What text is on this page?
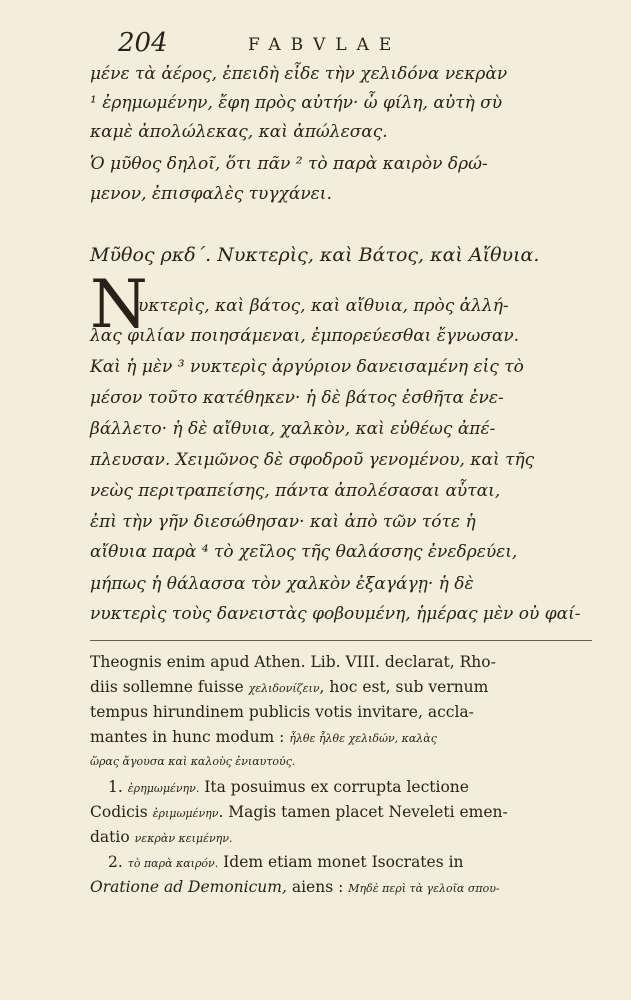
204	FABVLAE
μένε τὰ ἀέρος, ἐπειδὴ εἶδε τὴν χελιδόνα νεκρὰν
¹ ἐρημωμένην, ἔφη πρὸς αὐτήν· ὦ φίλη, αὐτὴ σὺ
καμὲ ἀπολώλεκας, καὶ ἀπώλεσας.
Ὁ μῦθος δηλοῖ, ὅτι πᾶν ² τὸ παρὰ καιρὸν δρώ-
μενον, ἐπισφαλὲς τυγχάνει.
Μῦθος ρκδ΄. Νυκτερὶς, καὶ Βάτος, καὶ Αἴθυια.
Ν
υκτερὶς, καὶ βάτος, καὶ αἴθυια, πρὸς ἀλλή-
λας φιλίαν ποιησάμεναι, ἐμπορεύεσθαι ἔγνωσαν.
Καὶ ἡ μὲν ³ νυκτερὶς ἀργύριον δανεισαμένη εἰς τὸ
μέσον τοῦτο κατέθηκεν· ἡ δὲ βάτος ἐσθῆτα ἐνε-
βάλλετο· ἡ δὲ αἴθυια, χαλκὸν, καὶ εὐθέως ἀπέ-
πλευσαν. Χειμῶνος δὲ σφοδροῦ γενομένου, καὶ τῆς
νεὼς περιτραπείσης, πάντα ἀπολέσασαι αὗται,
ἐπὶ τὴν γῆν διεσώθησαν· καὶ ἀπὸ τῶν τότε ἡ
αἴθυια παρὰ ⁴ τὸ χεῖλος τῆς θαλάσσης ἐνεδρεύει,
μήπως ἡ θάλασσα τὸν χαλκὸν ἐξαγάγῃ· ἡ δὲ
νυκτερὶς τοὺς δανειστὰς φοβουμένη, ἡμέρας μὲν οὐ φαί-
Theognis enim apud Athen. Lib. VIII. declarat, Rho-
diis sollemne fuisse χελιδονίζειν, hoc est, sub vernum
tempus hirundinem publicis votis invitare, accla-
mantes in hunc modum : ἦλθε ἦλθε χελιδών, καλὰς
ὥρας ἄγουσα καὶ καλοὺς ἐνιαυτούς.
1. ἐρημωμένην. Ita posuimus ex corrupta lectione
Codicis ἐριμωμένην. Magis tamen placet Neveleti emen-
datio νεκρὰν κειμένην.
2. τὸ παρὰ καιρόν. Idem etiam monet Isocrates in
Oratione ad Demonicum, aiens : Μηδὲ περὶ τὰ γελοῖα σπου-
